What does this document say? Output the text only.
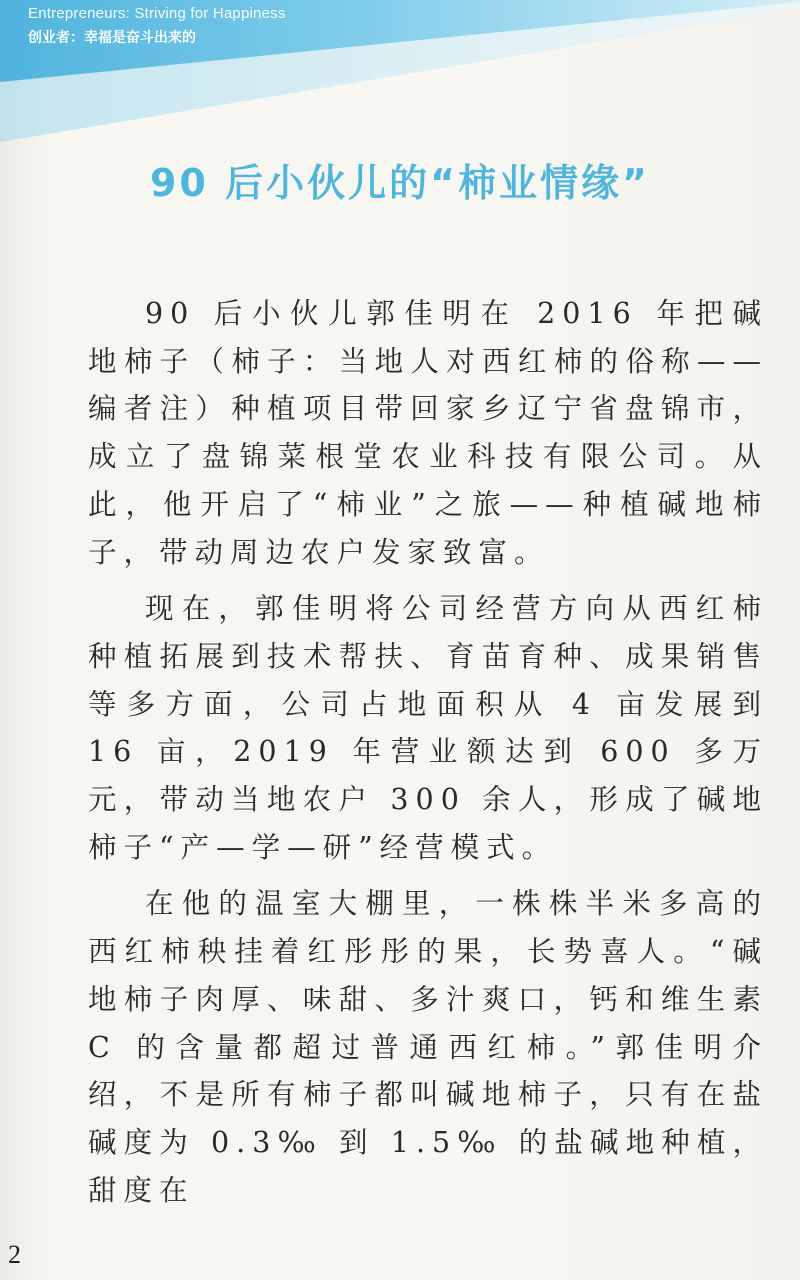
Entrepreneurs: Striving for Happiness
创业者：幸福是奋斗出来的
90 后小伙儿的“柿业情缘”

90 后小伙儿郭佳明在 2016 年把碱地柿子（柿子：当地人对西红柿的俗称——编者注）种植项目带回家乡辽宁省盘锦市，成立了盘锦菜根堂农业科技有限公司。从此，他开启了“柿业”之旅——种植碱地柿子，带动周边农户发家致富。

现在，郭佳明将公司经营方向从西红柿种植拓展到技术帮扶、育苗育种、成果销售等多方面，公司占地面积从 4 亩发展到 16 亩，2019 年营业额达到 600 多万元，带动当地农户 300 余人，形成了碱地柿子“产—学—研”经营模式。

在他的温室大棚里，一株株半米多高的西红柿秧挂着红彤彤的果，长势喜人。“碱地柿子肉厚、味甜、多汁爽口，钙和维生素 C 的含量都超过普通西红柿。”郭佳明介绍，不是所有柿子都叫碱地柿子，只有在盐碱度为 0.3‰ 到 1.5‰ 的盐碱地种植，甜度在

2
